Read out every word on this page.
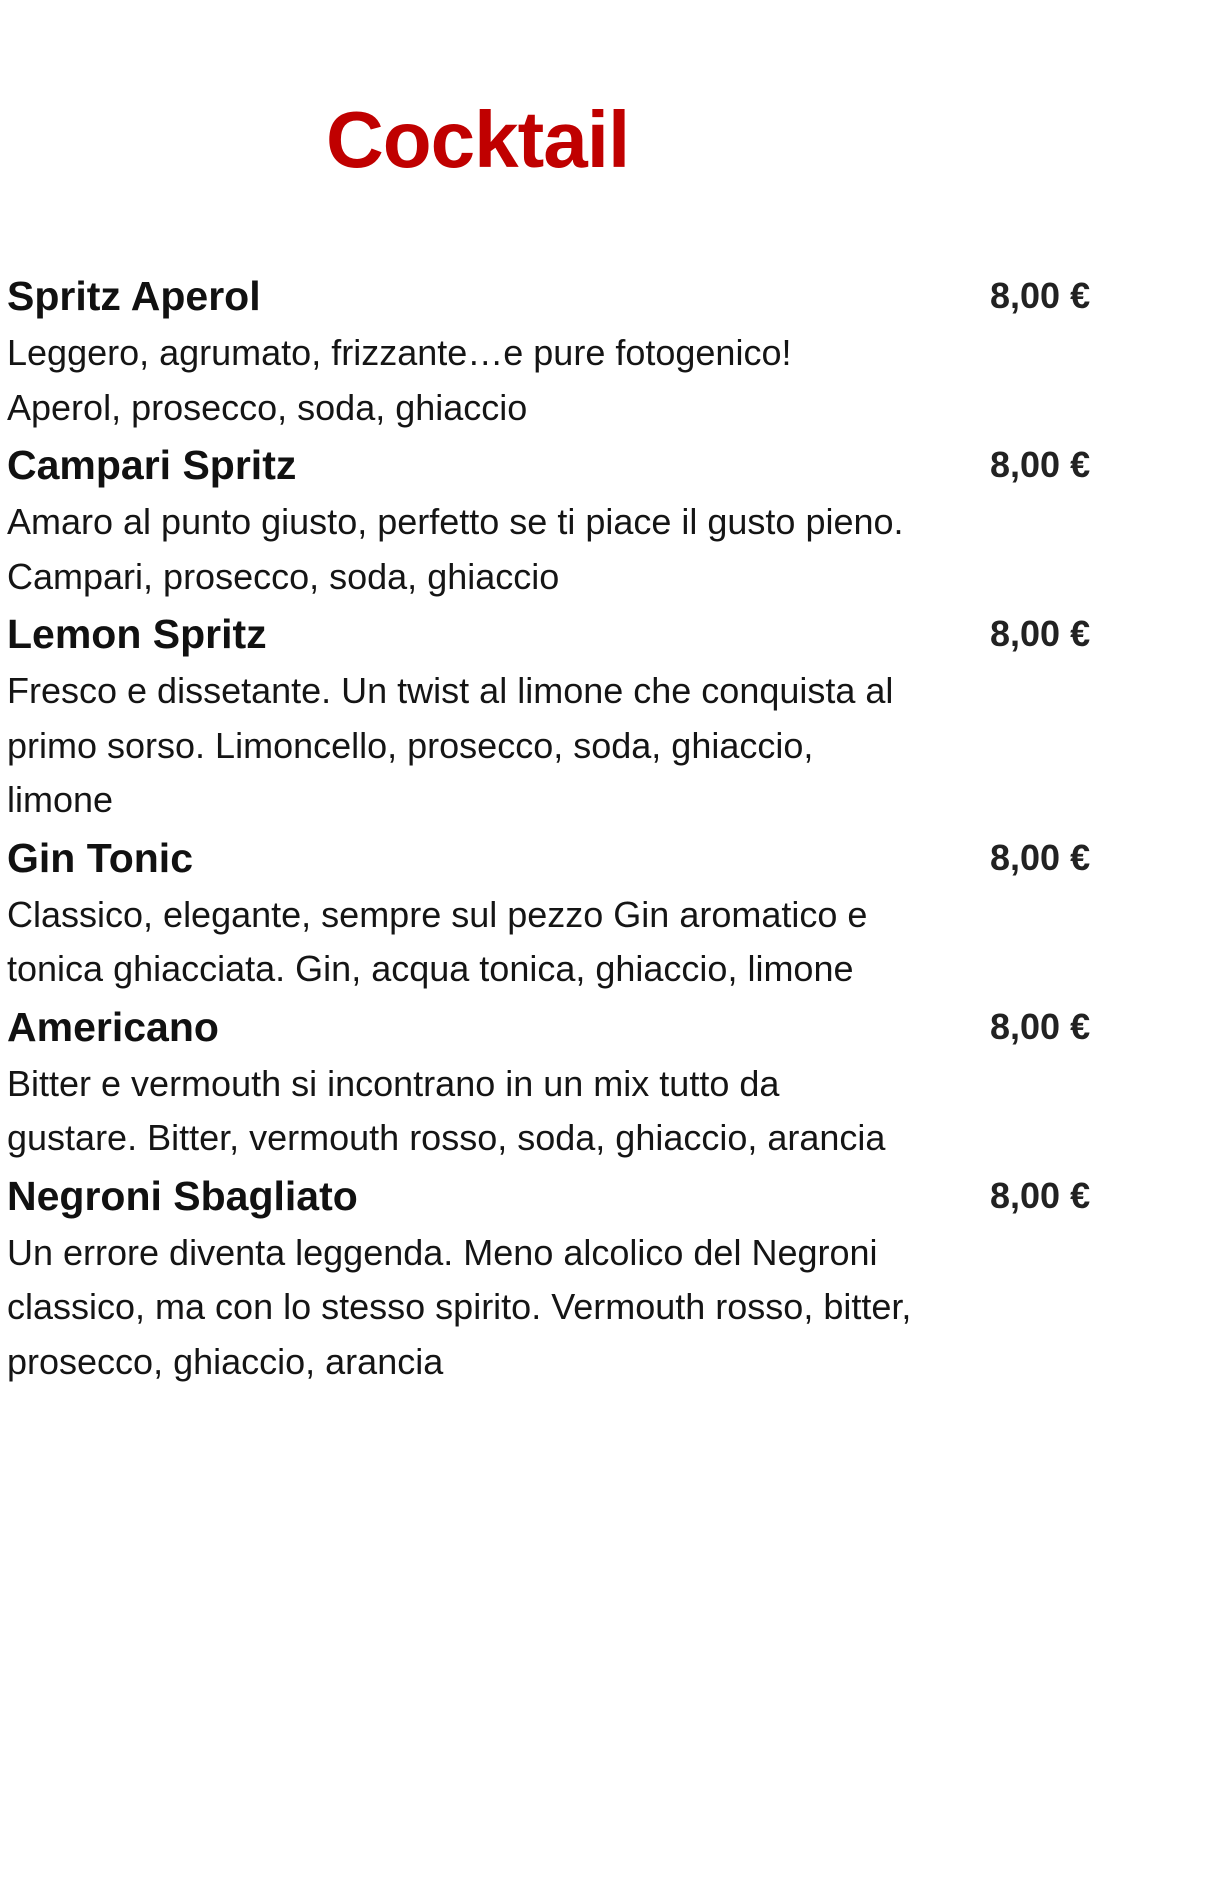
Cocktail
Spritz Aperol	8,00 €

Leggero, agrumato, frizzante…e pure fotogenico! Aperol, prosecco, soda, ghiaccio

Campari Spritz	8,00 €

Amaro al punto giusto, perfetto se ti piace il gusto pieno. Campari, prosecco, soda, ghiaccio

Lemon Spritz	8,00 €

Fresco e dissetante. Un twist al limone che conquista al primo sorso. Limoncello, prosecco, soda, ghiaccio, limone

Gin Tonic	8,00 €

Classico, elegante, sempre sul pezzo Gin aromatico e tonica ghiacciata. Gin, acqua tonica, ghiaccio, limone

Americano	8,00 €

Bitter e vermouth si incontrano in un mix tutto da gustare. Bitter, vermouth rosso, soda, ghiaccio, arancia

Negroni Sbagliato	8,00 €

Un errore diventa leggenda. Meno alcolico del Negroni classico, ma con lo stesso spirito. Vermouth rosso, bitter, prosecco, ghiaccio, arancia
